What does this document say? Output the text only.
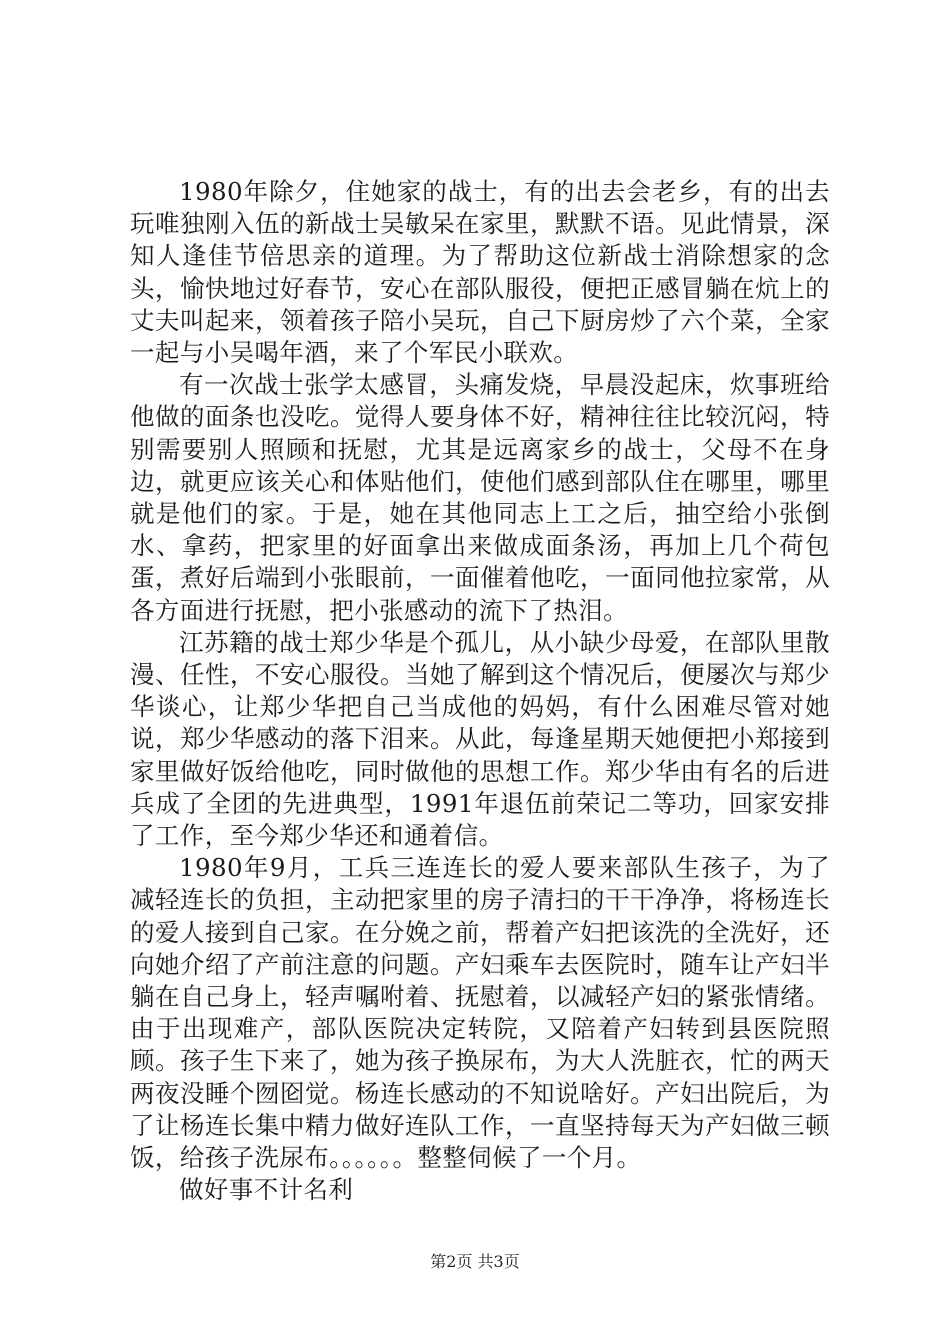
1980年除夕，住她家的战士，有的出去会老乡，有的出去玩唯独刚入伍的新战士吴敏呆在家里，默默不语。见此情景，深知人逢佳节倍思亲的道理。为了帮助这位新战士消除想家的念头，愉快地过好春节，安心在部队服役，便把正感冒躺在炕上的丈夫叫起来，领着孩子陪小吴玩，自己下厨房炒了六个菜，全家一起与小吴喝年酒，来了个军民小联欢。

有一次战士张学太感冒，头痛发烧，早晨没起床，炊事班给他做的面条也没吃。觉得人要身体不好，精神往往比较沉闷，特别需要别人照顾和抚慰，尤其是远离家乡的战士，父母不在身边，就更应该关心和体贴他们，使他们感到部队住在哪里，哪里就是他们的家。于是，她在其他同志上工之后，抽空给小张倒水、拿药，把家里的好面拿出来做成面条汤，再加上几个荷包蛋，煮好后端到小张眼前，一面催着他吃，一面同他拉家常，从各方面进行抚慰，把小张感动的流下了热泪。

江苏籍的战士郑少华是个孤儿，从小缺少母爱，在部队里散漫、任性，不安心服役。当她了解到这个情况后，便屡次与郑少华谈心，让郑少华把自己当成他的妈妈，有什么困难尽管对她说，郑少华感动的落下泪来。从此，每逢星期天她便把小郑接到家里做好饭给他吃，同时做他的思想工作。郑少华由有名的后进兵成了全团的先进典型，1991年退伍前荣记二等功，回家安排了工作，至今郑少华还和通着信。

1980年9月，工兵三连连长的爱人要来部队生孩子，为了减轻连长的负担，主动把家里的房子清扫的干干净净，将杨连长的爱人接到自己家。在分娩之前，帮着产妇把该洗的全洗好，还向她介绍了产前注意的问题。产妇乘车去医院时，随车让产妇半躺在自己身上，轻声嘱咐着、抚慰着，以减轻产妇的紧张情绪。由于出现难产，部队医院决定转院，又陪着产妇转到县医院照顾。孩子生下来了，她为孩子换尿布，为大人洗脏衣，忙的两天两夜没睡个囫囵觉。杨连长感动的不知说啥好。产妇出院后，为了让杨连长集中精力做好连队工作，一直坚持每天为产妇做三顿饭，给孩子洗尿布。。。。。。整整伺候了一个月。

做好事不计名利

第2页 共3页
